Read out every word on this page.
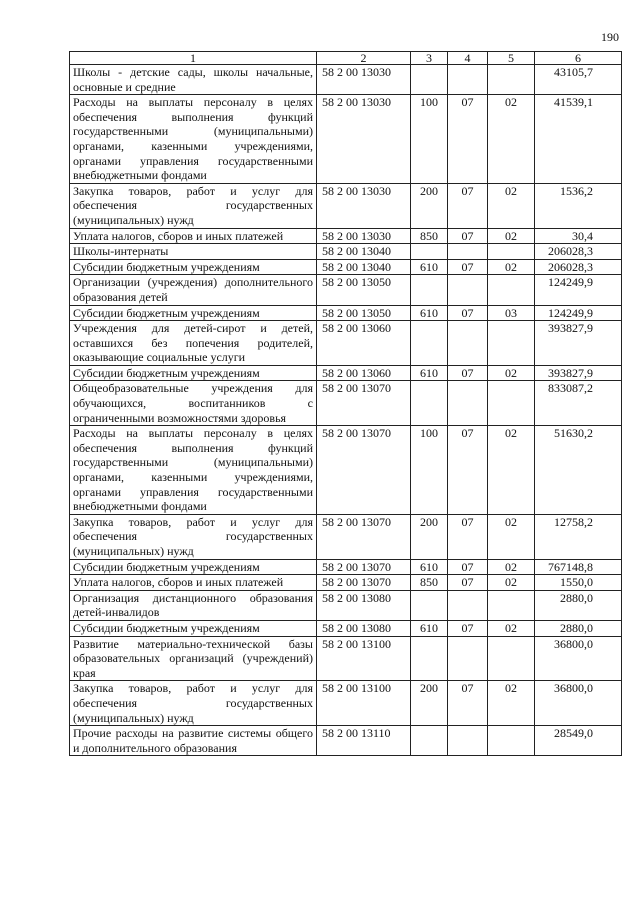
190
1	2	3	4	5	6
Школы - детские сады, школы начальные, основные и средние	58 2 00 13030				43105,7
Расходы на выплаты персоналу в целях обеспечения выполнения функций государственными (муниципальными) органами, казенными учреждениями, органами управления государственными внебюджетными фондами	58 2 00 13030	100	07	02	41539,1
Закупка товаров, работ и услуг для обеспечения государственных (муниципальных) нужд	58 2 00 13030	200	07	02	1536,2
Уплата налогов, сборов и иных платежей	58 2 00 13030	850	07	02	30,4
Школы-интернаты	58 2 00 13040				206028,3
Субсидии бюджетным учреждениям	58 2 00 13040	610	07	02	206028,3
Организации (учреждения) дополнительного образования детей	58 2 00 13050				124249,9
Субсидии бюджетным учреждениям	58 2 00 13050	610	07	03	124249,9
Учреждения для детей-сирот и детей, оставшихся без попечения родителей, оказывающие социальные услуги	58 2 00 13060				393827,9
Субсидии бюджетным учреждениям	58 2 00 13060	610	07	02	393827,9
Общеобразовательные учреждения для обучающихся, воспитанников с ограниченными возможностями здоровья	58 2 00 13070				833087,2
Расходы на выплаты персоналу в целях обеспечения выполнения функций государственными (муниципальными) органами, казенными учреждениями, органами управления государственными внебюджетными фондами	58 2 00 13070	100	07	02	51630,2
Закупка товаров, работ и услуг для обеспечения государственных (муниципальных) нужд	58 2 00 13070	200	07	02	12758,2
Субсидии бюджетным учреждениям	58 2 00 13070	610	07	02	767148,8
Уплата налогов, сборов и иных платежей	58 2 00 13070	850	07	02	1550,0
Организация дистанционного образования детей-инвалидов	58 2 00 13080				2880,0
Субсидии бюджетным учреждениям	58 2 00 13080	610	07	02	2880,0
Развитие материально-технической базы образовательных организаций (учреждений) края	58 2 00 13100				36800,0
Закупка товаров, работ и услуг для обеспечения государственных (муниципальных) нужд	58 2 00 13100	200	07	02	36800,0
Прочие расходы на развитие системы общего и дополнительного образования	58 2 00 13110				28549,0
